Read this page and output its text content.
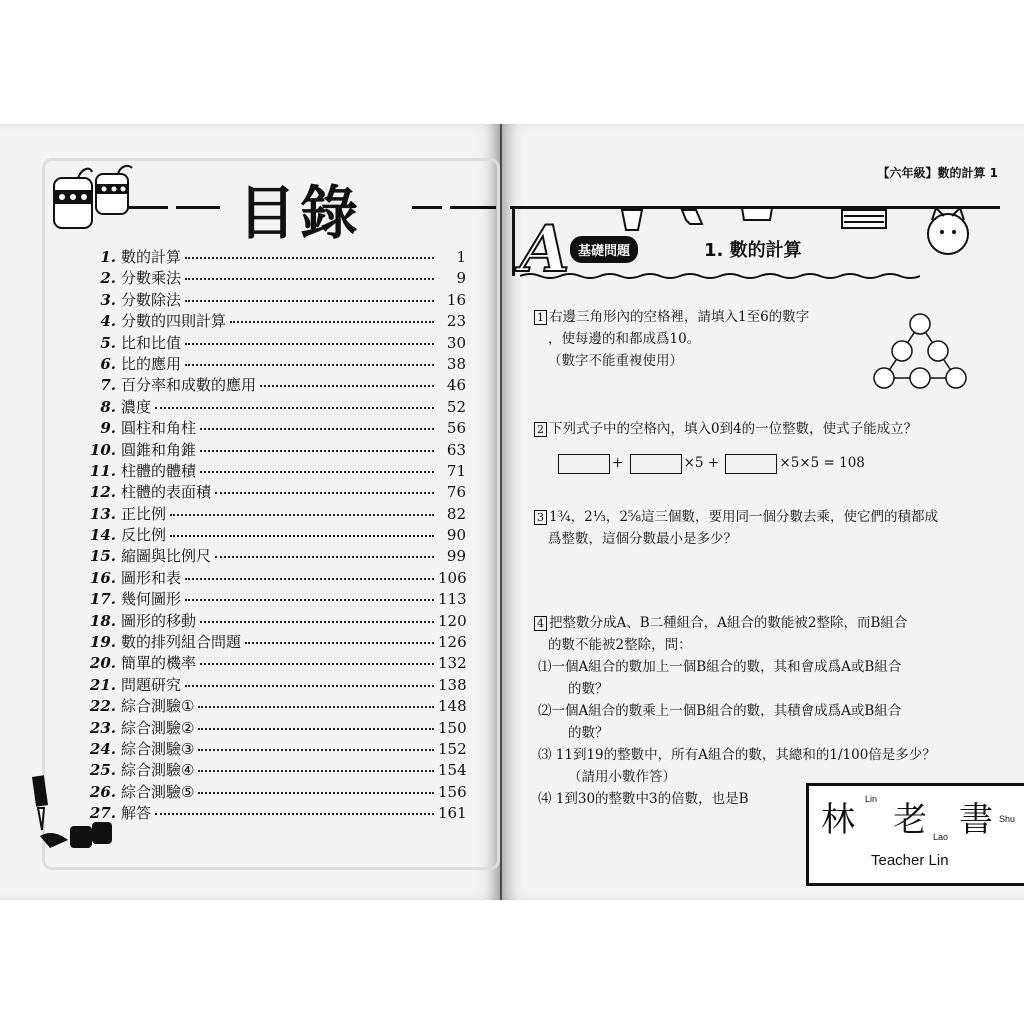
目錄
1. 數的計算	1
2. 分數乘法	9
3. 分數除法	16
4. 分數的四則計算	23
5. 比和比值	30
6. 比的應用	38
7. 百分率和成數的應用	46
8. 濃度	52
9. 圓柱和角柱	56
10. 圓錐和角錐	63
11. 柱體的體積	71
12. 柱體的表面積	76
13. 正比例	82
14. 反比例	90
15. 縮圖與比例尺	99
16. 圖形和表	106
17. 幾何圖形	113
18. 圖形的移動	120
19. 數的排列組合問題	126
20. 簡單的機率	132
21. 問題研究	138
22. 綜合測驗①	148
23. 綜合測驗②	150
24. 綜合測驗③	152
25. 綜合測驗④	154
26. 綜合測驗⑤	156
27. 解答	161
【六年級】數的計算 1
A 基礎問題	1. 數的計算
1 右邊三角形內的空格裡，請填入1至6的數字
，使每邊的和都成爲10。
（數字不能重複使用）
2 下列式子中的空格內，填入0到4的一位整數，使式子能成立？
+	×5 +	×5×5 = 108
3 1¾，2⅓，2⅝這三個數，要用同一個分數去乘，使它們的積都成
爲整數，這個分數最小是多少？
4 把整數分成A、B二種組合，A組合的數能被2整除，而B組合
的數不能被2整除，問：
⑴一個A組合的數加上一個B組合的數，其和會成爲A或B組合
的數？
⑵一個A組合的數乘上一個B組合的數，其積會成爲A或B組合
的數？
⑶ 11到19的整數中，所有A組合的數，其總和的1/100倍是多少？
（請用小數作答）
⑷ 1到30的整數中3的倍數，也是B
林
Lin
老 Lao 書 Shu
Teacher Lin
